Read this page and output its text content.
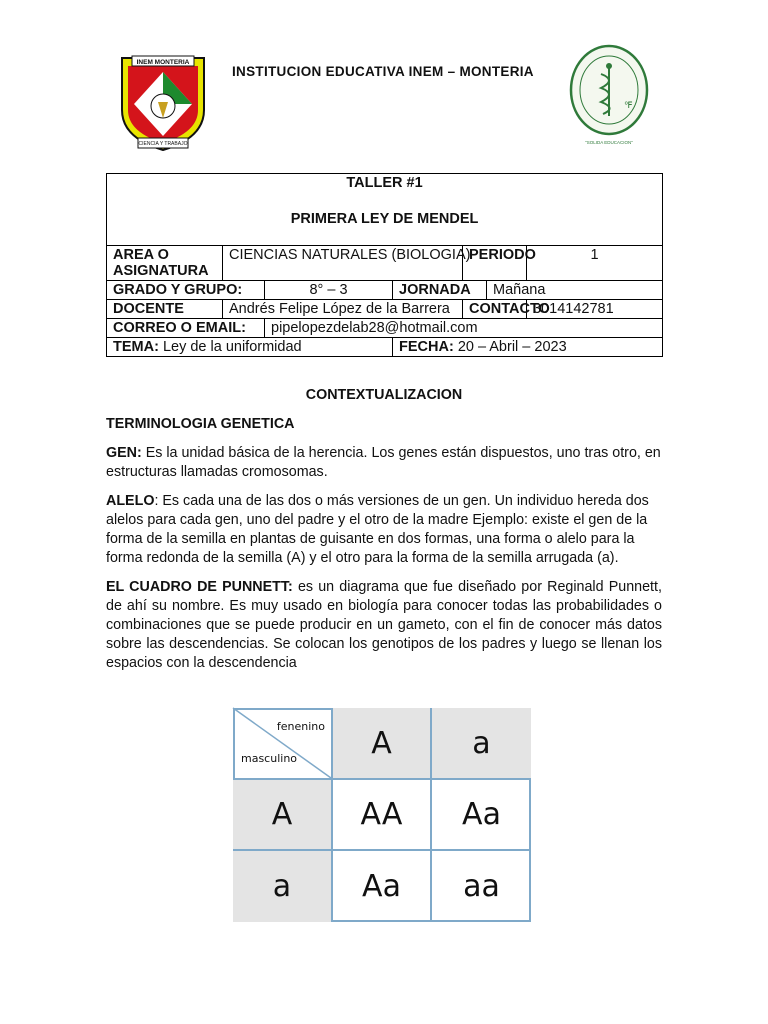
INEM MONTERIA
CIENCIA Y TRABAJO
INSTITUCION EDUCATIVA INEM – MONTERIA
℉
"SOLIDA EDUCACION"
TALLER #1
PRIMERA LEY DE MENDEL						

AREA O ASIGNATURA	CIENCIAS NATURALES (BIOLOGIA)			PERIODO		1
GRADO Y GRUPO:		8° – 3	JORNADA		Mañana	
DOCENTE	Andrés Felipe López de la Barrera			CONTACTO		3014142781
CORREO O EMAIL:		pipelopezdelab28@hotmail.com				
TEMA: Ley de la uniformidad			FECHA: 20 – Abril – 2023			

CONTEXTUALIZACION

TERMINOLOGIA GENETICA

GEN: Es la unidad básica de la herencia. Los genes están dispuestos, uno tras otro, en estructuras llamadas cromosomas.

ALELO: Es cada una de las dos o más versiones de un gen. Un individuo hereda dos alelos para cada gen, uno del padre y el otro de la madre Ejemplo: existe el gen de la forma de la semilla en plantas de guisante en dos formas, una forma o alelo para la forma redonda de la semilla (A) y el otro para la forma de la semilla arrugada (a).

EL CUADRO DE PUNNETT: es un diagrama que fue diseñado por Reginald Punnett, de ahí su nombre. Es muy usado en biología para conocer todas las probabilidades o combinaciones que se puede producir en un gameto, con el fin de conocer más datos sobre las descendencias. Se colocan los genotipos de los padres y luego se llenan los espacios con la descendencia

fenenino
masculino	A	a
A	AA	Aa
a	Aa	aa
